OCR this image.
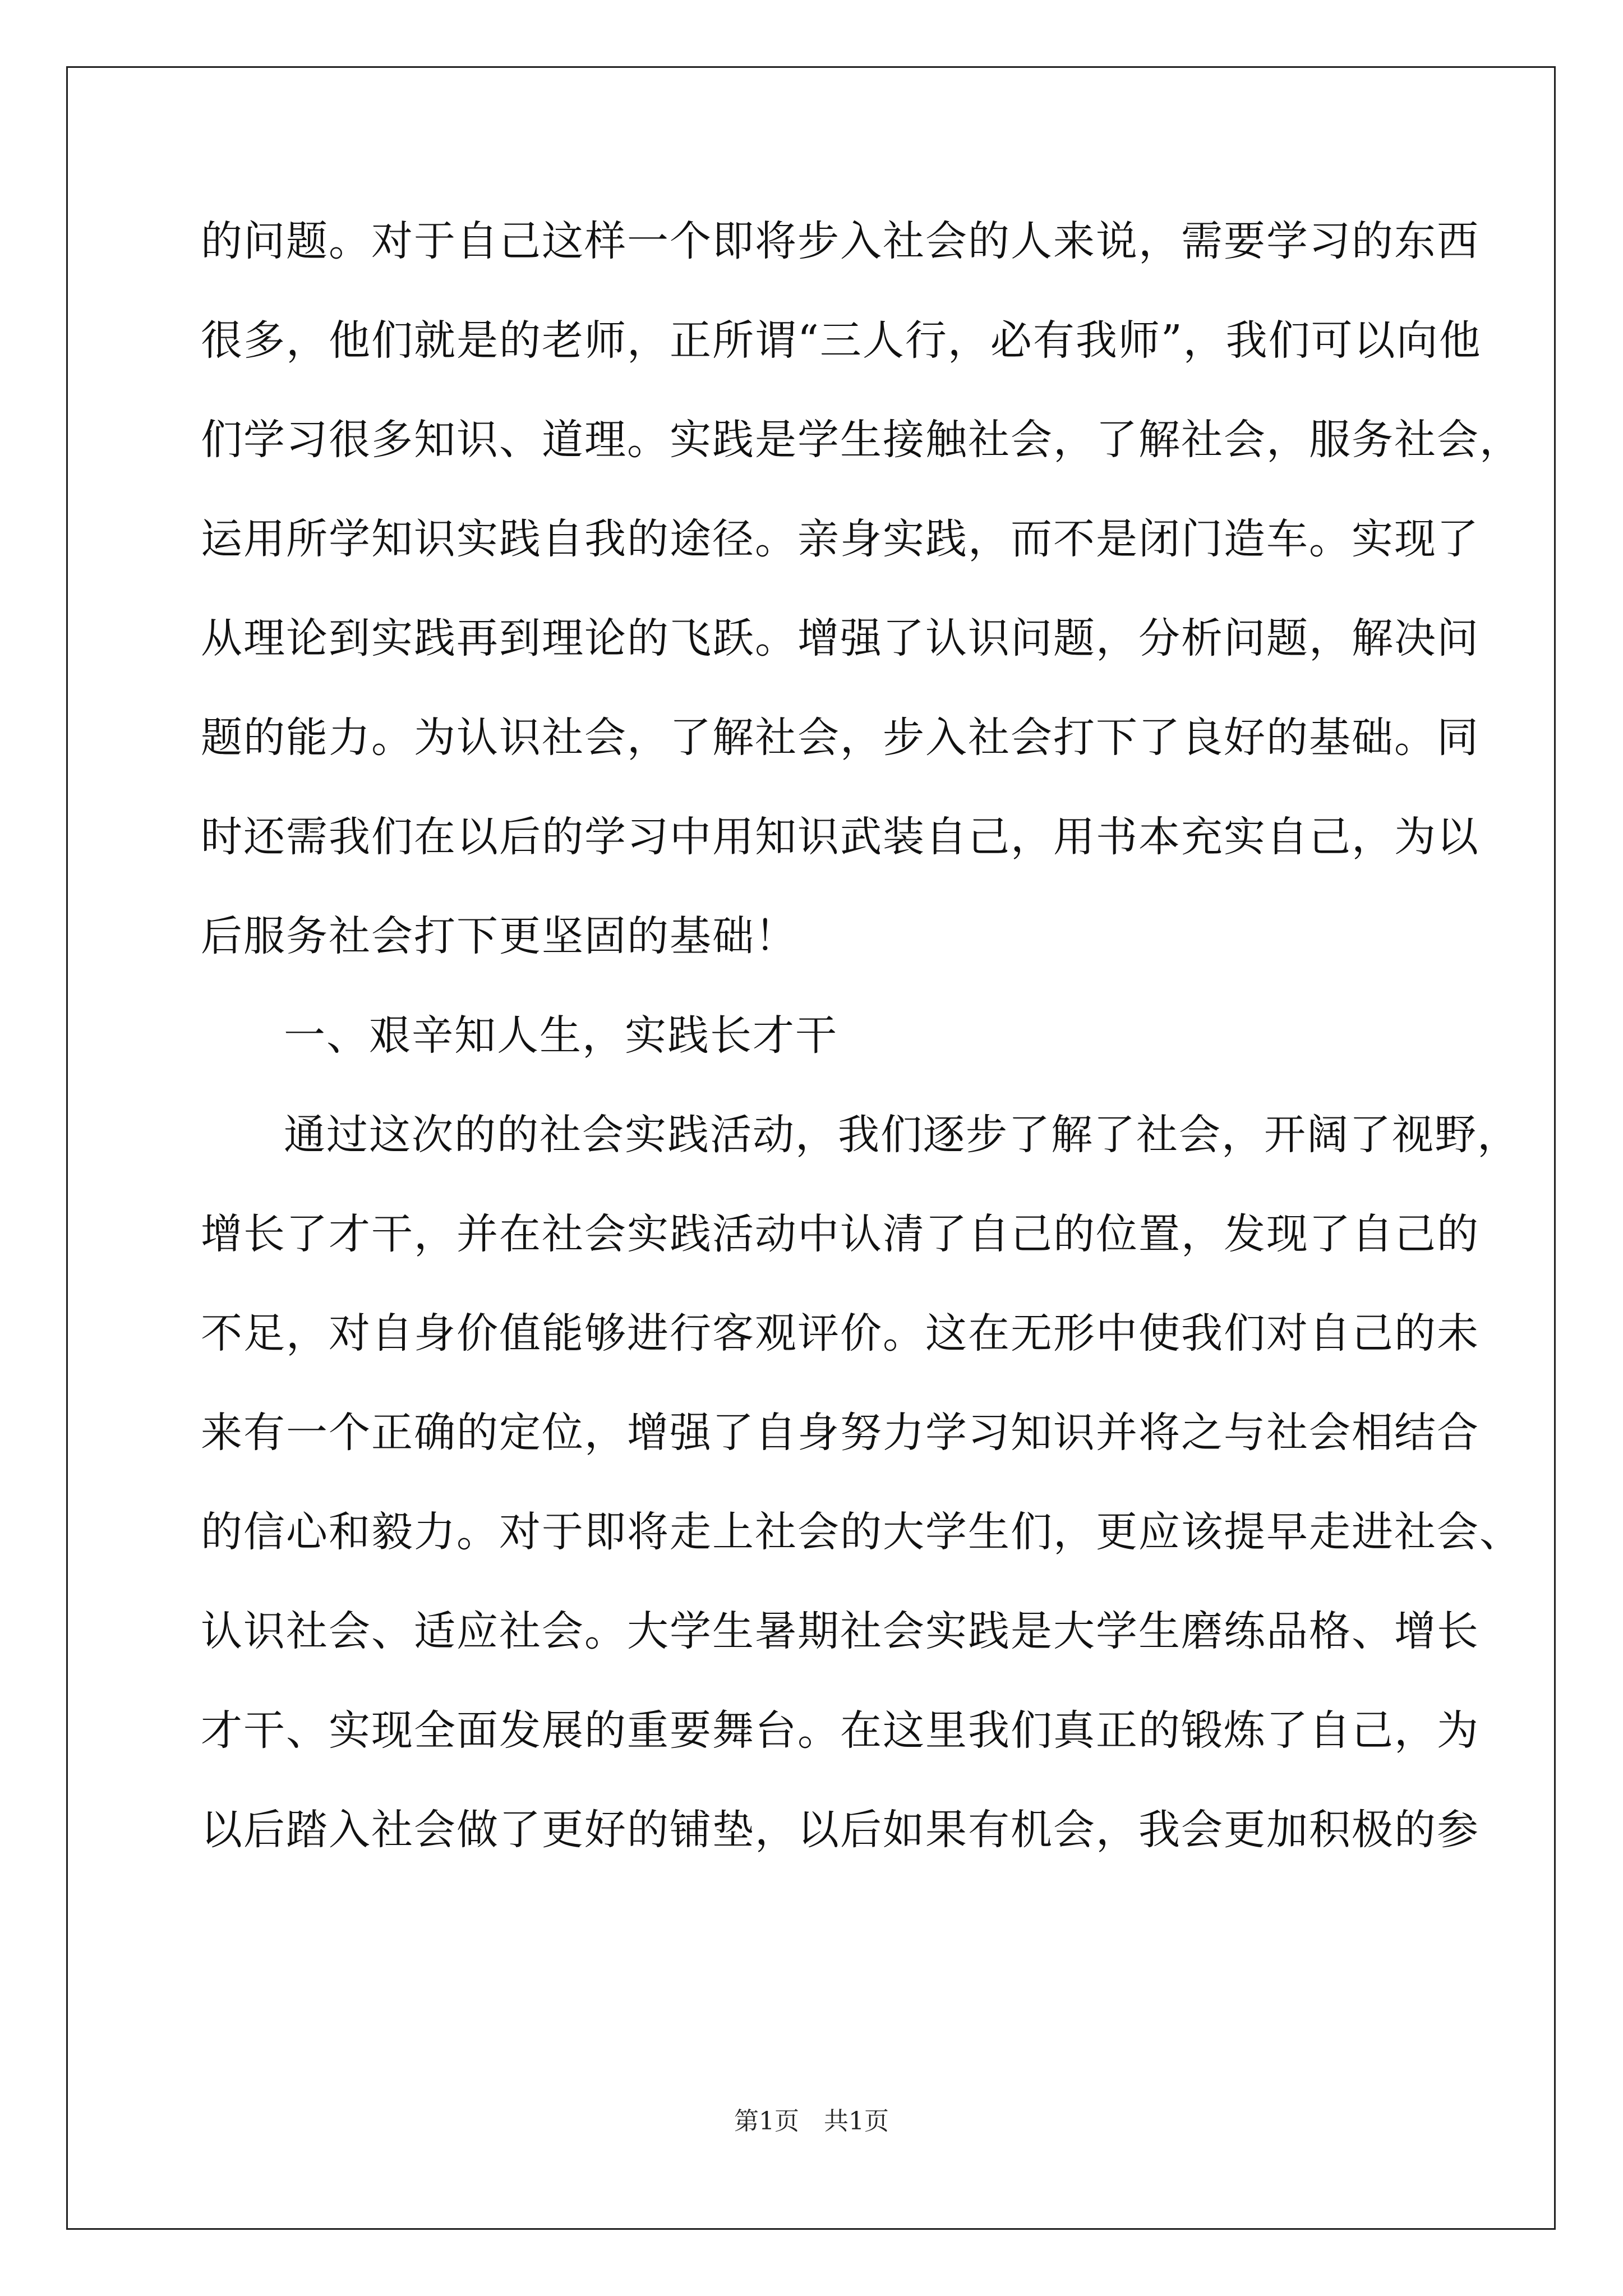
的问题。对于自己这样一个即将步入社会的人来说，需要学习的东西
很多，他们就是的老师，正所谓“三人行，必有我师”，我们可以向他
们学习很多知识、道理。实践是学生接触社会，了解社会，服务社会，
运用所学知识实践自我的途径。亲身实践，而不是闭门造车。实现了
从理论到实践再到理论的飞跃。增强了认识问题，分析问题，解决问
题的能力。为认识社会，了解社会，步入社会打下了良好的基础。同
时还需我们在以后的学习中用知识武装自己，用书本充实自己，为以
后服务社会打下更坚固的基础！
一、艰辛知人生，实践长才干
通过这次的的社会实践活动，我们逐步了解了社会，开阔了视野，
增长了才干，并在社会实践活动中认清了自己的位置，发现了自己的
不足，对自身价值能够进行客观评价。这在无形中使我们对自己的未
来有一个正确的定位，增强了自身努力学习知识并将之与社会相结合
的信心和毅力。对于即将走上社会的大学生们，更应该提早走进社会、
认识社会、适应社会。大学生暑期社会实践是大学生磨练品格、增长
才干、实现全面发展的重要舞台。在这里我们真正的锻炼了自己，为
以后踏入社会做了更好的铺垫，以后如果有机会，我会更加积极的参
第1页　共1页
